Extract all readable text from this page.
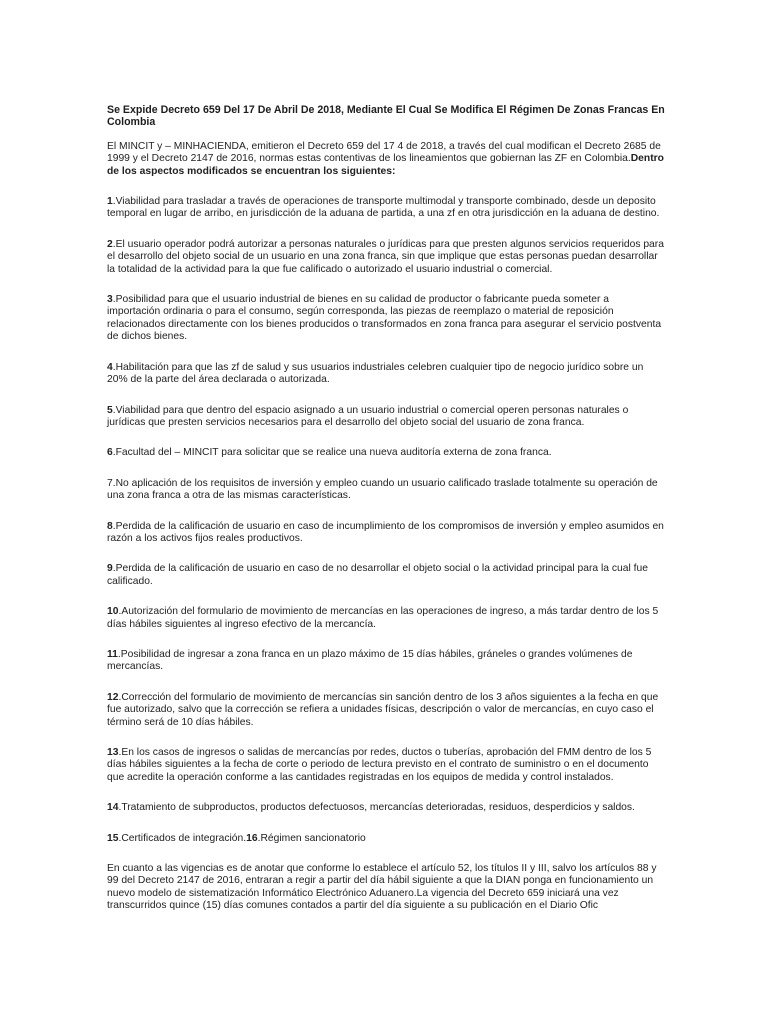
Se Expide Decreto 659 Del 17 De Abril De 2018, Mediante El Cual Se Modifica El Régimen De Zonas Francas En Colombia

El MINCIT y – MINHACIENDA, emitieron el Decreto 659 del 17 4 de 2018, a través del cual modifican el Decreto 2685 de 1999 y el Decreto 2147 de 2016, normas estas contentivas de los lineamientos que gobiernan las ZF en Colombia.Dentro de los aspectos modificados se encuentran los siguientes:

1.Viabilidad para trasladar a través de operaciones de transporte multimodal y transporte combinado, desde un deposito temporal en lugar de arribo, en jurisdicción de la aduana de partida, a una zf en otra jurisdicción en la aduana de destino.

2.El usuario operador podrá autorizar a personas naturales o jurídicas para que presten algunos servicios requeridos para el desarrollo del objeto social de un usuario en una zona franca, sin que implique que estas personas puedan desarrollar la totalidad de la actividad para la que fue calificado o autorizado el usuario industrial o comercial.

3.Posibilidad para que el usuario industrial de bienes en su calidad de productor o fabricante pueda someter a importación ordinaria o para el consumo, según corresponda, las piezas de reemplazo o material de reposición relacionados directamente con los bienes producidos o transformados en zona franca para asegurar el servicio postventa de dichos bienes.

4.Habilitación para que las zf de salud y sus usuarios industriales celebren cualquier tipo de negocio jurídico sobre un 20% de la parte del área declarada o autorizada.

5.Viabilidad para que dentro del espacio asignado a un usuario industrial o comercial operen personas naturales o jurídicas que presten servicios necesarios para el desarrollo del objeto social del usuario de zona franca.

6.Facultad del – MINCIT para solicitar que se realice una nueva auditoría externa de zona franca.

7.No aplicación de los requisitos de inversión y empleo cuando un usuario calificado traslade totalmente su operación de una zona franca a otra de las mismas características.

8.Perdida de la calificación de usuario en caso de incumplimiento de los compromisos de inversión y empleo asumidos en razón a los activos fijos reales productivos.

9.Perdida de la calificación de usuario en caso de no desarrollar el objeto social o la actividad principal para la cual fue calificado.

10.Autorización del formulario de movimiento de mercancías en las operaciones de ingreso, a más tardar dentro de los 5 días hábiles siguientes al ingreso efectivo de la mercancía.

11.Posibilidad de ingresar a zona franca en un plazo máximo de 15 días hábiles, gráneles o grandes volúmenes de mercancías.

12.Corrección del formulario de movimiento de mercancías sin sanción dentro de los 3 años siguientes a la fecha en que fue autorizado, salvo que la corrección se refiera a unidades físicas, descripción o valor de mercancías, en cuyo caso el término será de 10 días hábiles.

13.En los casos de ingresos o salidas de mercancías por redes, ductos o tuberías, aprobación del FMM dentro de los 5 días hábiles siguientes a la fecha de corte o periodo de lectura previsto en el contrato de suministro o en el documento que acredite la operación conforme a las cantidades registradas en los equipos de medida y control instalados.

14.Tratamiento de subproductos, productos defectuosos, mercancías deterioradas, residuos, desperdicios y saldos.

15.Certificados de integración.16.Régimen sancionatorio

En cuanto a las vigencias es de anotar que conforme lo establece el artículo 52, los títulos II y III, salvo los artículos 88 y 99 del Decreto 2147 de 2016, entraran a regir a partir del día hábil siguiente a que la DIAN ponga en funcionamiento un nuevo modelo de sistematización Informático Electrónico Aduanero.La vigencia del Decreto 659 iniciará una vez transcurridos quince (15) días comunes contados a partir del día siguiente a su publicación en el Diario Ofic
